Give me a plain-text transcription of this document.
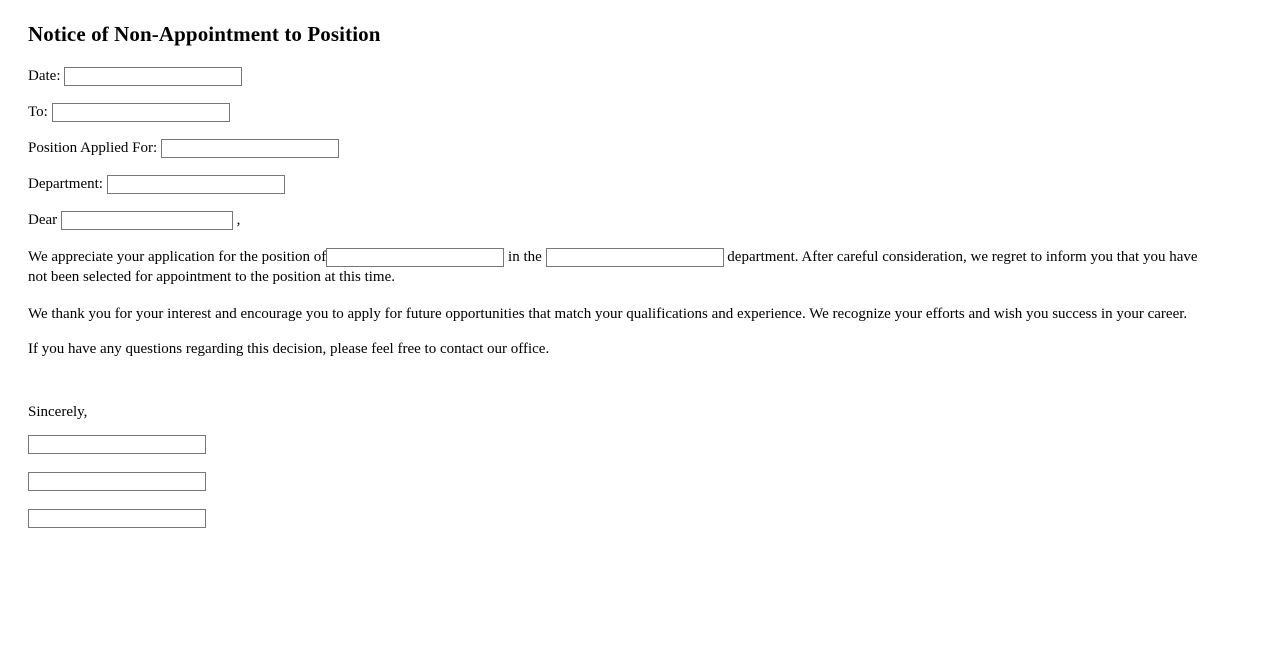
Notice of Non-Appointment to Position
Date:
To:
Position Applied For:
Department:
Dear	,

We appreciate your application for the position of	in the	department. After careful consideration, we regret to inform you that you have not been selected for appointment to the position at this time.

We thank you for your interest and encourage you to apply for future opportunities that match your qualifications and experience. We recognize your efforts and wish you success in your career.

If you have any questions regarding this decision, please feel free to contact our office.

Sincerely,
